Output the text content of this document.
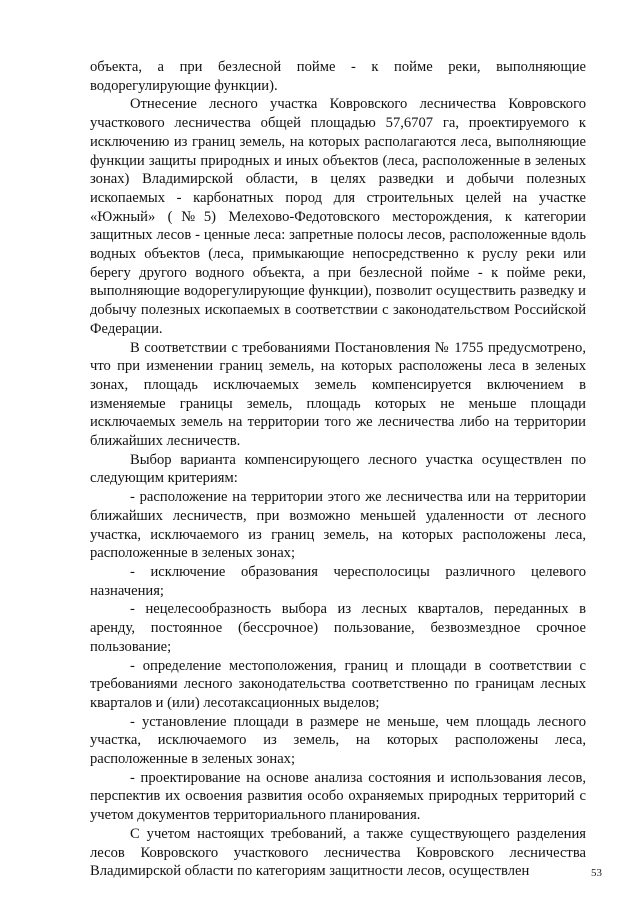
объекта, а при безлесной пойме - к пойме реки, выполняющие водорегулирующие функции).

Отнесение лесного участка Ковровского лесничества Ковровского участкового лесничества общей площадью 57,6707 га, проектируемого к исключению из границ земель, на которых располагаются леса, выполняющие функции защиты природных и иных объектов (леса, расположенные в зеленых зонах) Владимирской области, в целях разведки и добычи полезных ископаемых - карбонатных пород для строительных целей на участке «Южный» (№5) Мелехово-Федотовского месторождения, к категории защитных лесов - ценные леса: запретные полосы лесов, расположенные вдоль водных объектов (леса, примыкающие непосредственно к руслу реки или берегу другого водного объекта, а при безлесной пойме - к пойме реки, выполняющие водорегулирующие функции), позволит осуществить разведку и добычу полезных ископаемых в соответствии с законодательством Российской Федерации.

В соответствии с требованиями Постановления № 1755 предусмотрено, что при изменении границ земель, на которых расположены леса в зеленых зонах, площадь исключаемых земель компенсируется включением в изменяемые границы земель, площадь которых не меньше площади исключаемых земель на территории того же лесничества либо на территории ближайших лесничеств.

Выбор варианта компенсирующего лесного участка осуществлен по следующим критериям:

- расположение на территории этого же лесничества или на территории ближайших лесничеств, при возможно меньшей удаленности от лесного участка, исключаемого из границ земель, на которых расположены леса, расположенные в зеленых зонах;

- исключение образования чересполосицы различного целевого назначения;

- нецелесообразность выбора из лесных кварталов, переданных в аренду, постоянное (бессрочное) пользование, безвозмездное срочное пользование;

- определение местоположения, границ и площади в соответствии с требованиями лесного законодательства соответственно по границам лесных кварталов и (или) лесотаксационных выделов;

- установление площади в размере не меньше, чем площадь лесного участка, исключаемого из земель, на которых расположены леса, расположенные в зеленых зонах;

- проектирование на основе анализа состояния и использования лесов, перспектив их освоения развития особо охраняемых природных территорий с учетом документов территориального планирования.

С учетом настоящих требований, а также существующего разделения лесов Ковровского участкового лесничества Ковровского лесничества Владимирской области по категориям защитности лесов, осуществлен	53
